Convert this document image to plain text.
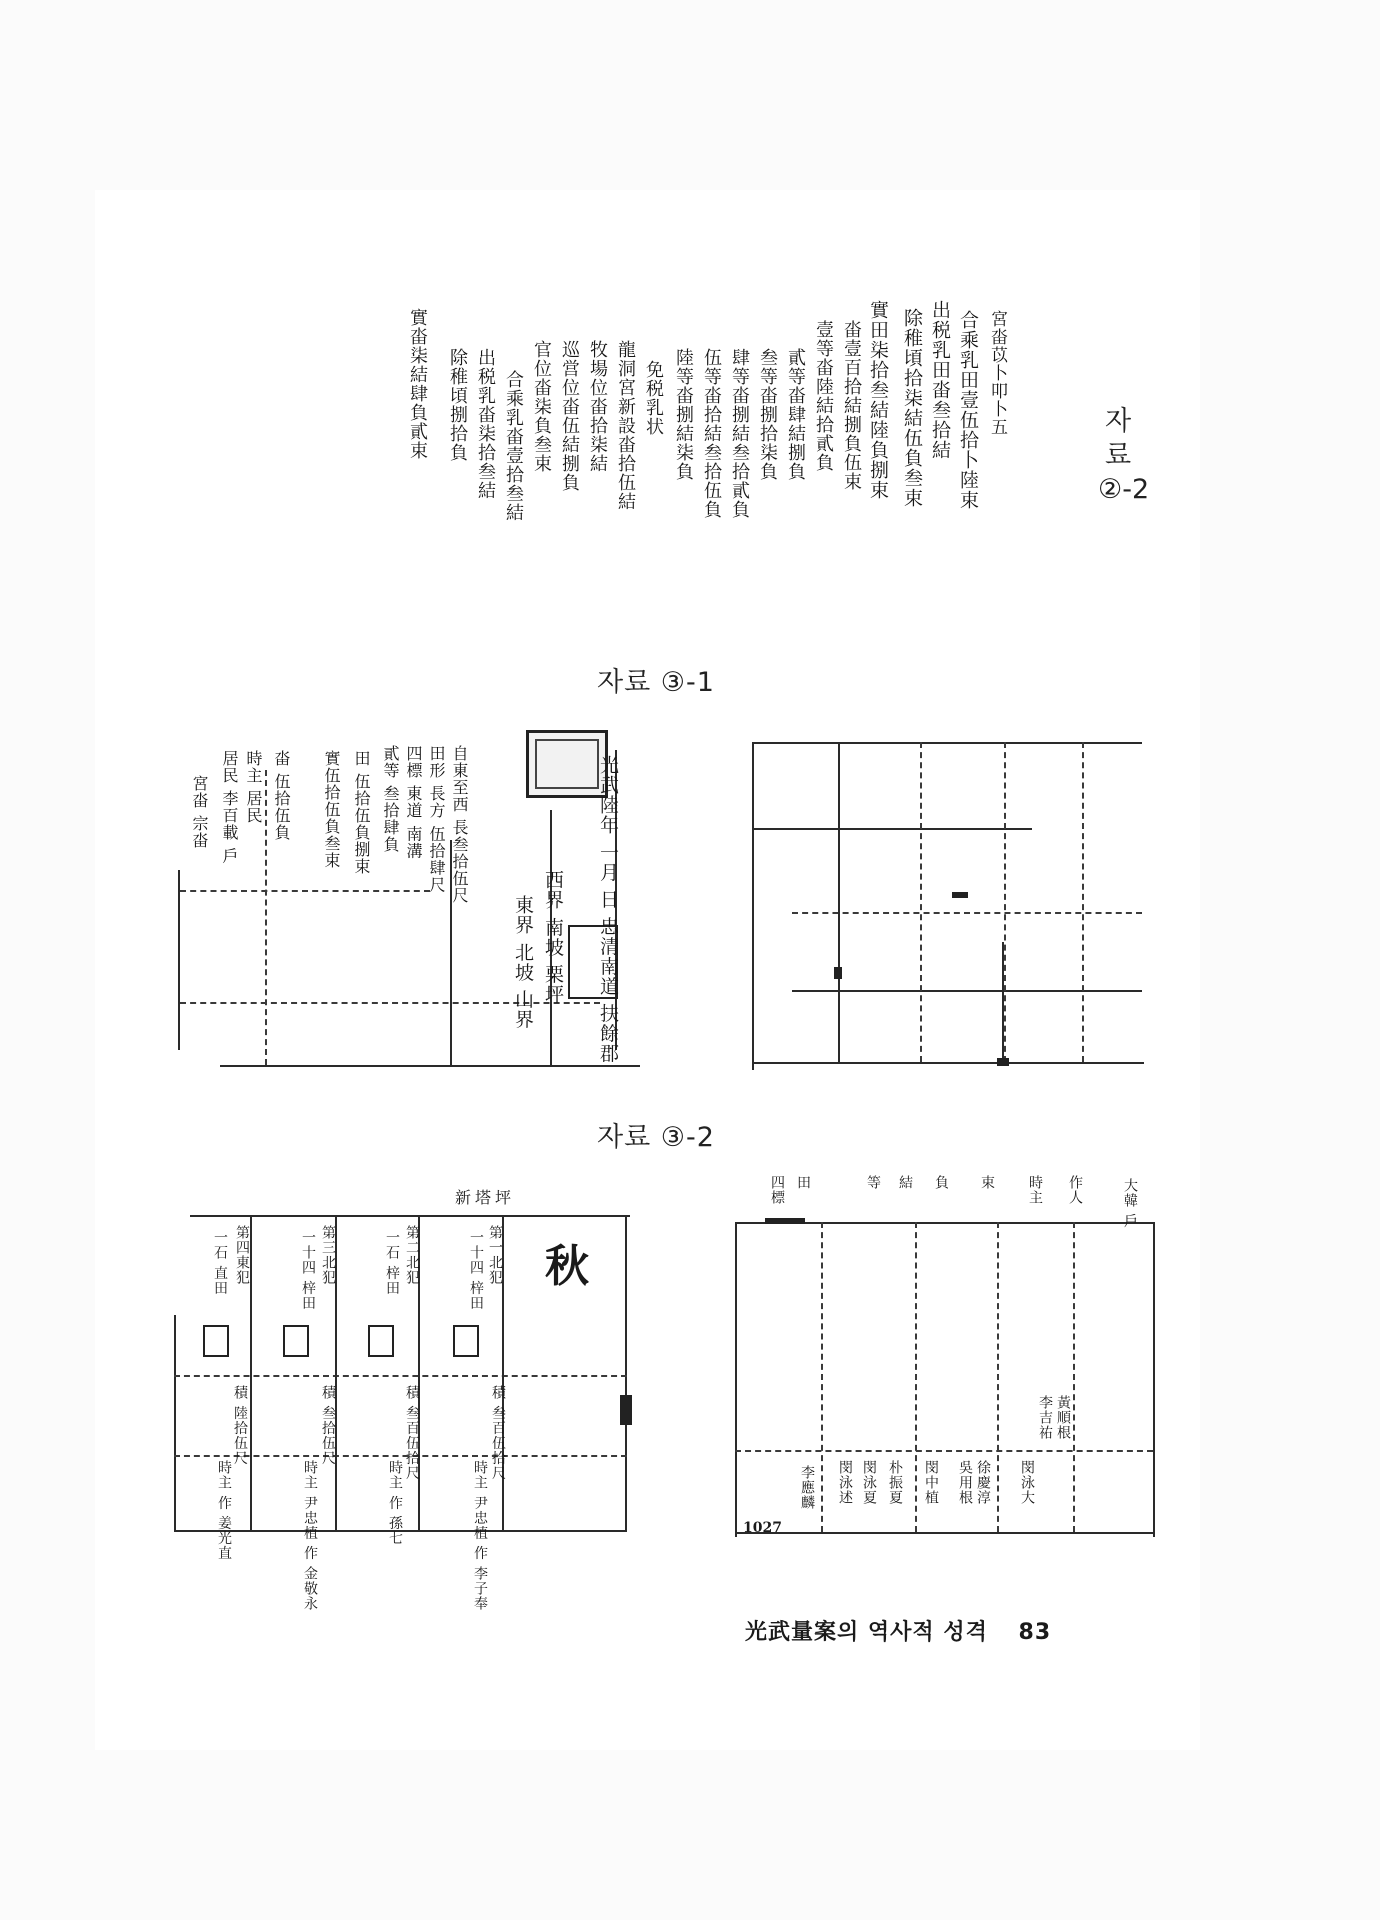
자료 ②-2
宮畓苡卜叩卜五
合乘乳田壹伍拾卜陸束
出税乳田畓叁拾結
除稚頃拾柒結伍負叁束
實田柒拾叁結陸負捌束
畓壹百拾結捌負伍束
壹等畓陸結拾貳負
貳等畓肆結捌負
叁等畓捌拾柒負
肆等畓捌結叁拾貳負
伍等畓拾結叁拾伍負
陸等畓捌結柒負
免税乳状
龍洞宮新設畓拾伍結
牧場位畓拾柒結
巡営位畓伍結捌負
官位畓柒負叁束
合乘乳畓壹拾叁結
出税乳畓柒拾叁結
除稚頃捌拾負
實畓柒結肆負貳束
자료 ③-1
光武陸年 一月 日 忠清南道 扶餘郡
西界 南坡 栗坪
東界 北坡 山界
自東至西 長叁拾伍尺
田形 長方 伍拾肆尺
四標 東道 南溝
貳等 叁拾肆負
田 伍拾伍負捌束
實伍拾伍負叁束
畓 伍拾伍負
時主 居民
居民 李百載 戶
宮畓 宗畓
자료 ③-2
新塔坪
秋
第一北犯
一十四 梓田
積 叁百伍拾尺
時主 尹忠植 作 李子奉
第二北犯
一石 梓田
積 叁百伍拾尺
時主 作 孫七
第三北犯
一十四 梓田
積 叁拾伍尺
時主 尹忠植 作 金敬永
第四東犯
一石 直田
積 陸拾伍尺
時主 作 姜光直
四標 田	等 結 負 束 時主 作人	大韓 戶
黃順根
李吉祐
閔泳大
徐慶淳
吳用根
閔中植
朴振夏
閔泳夏
閔泳述
李應麟
1027
光武量案의 역사적 성격 83
